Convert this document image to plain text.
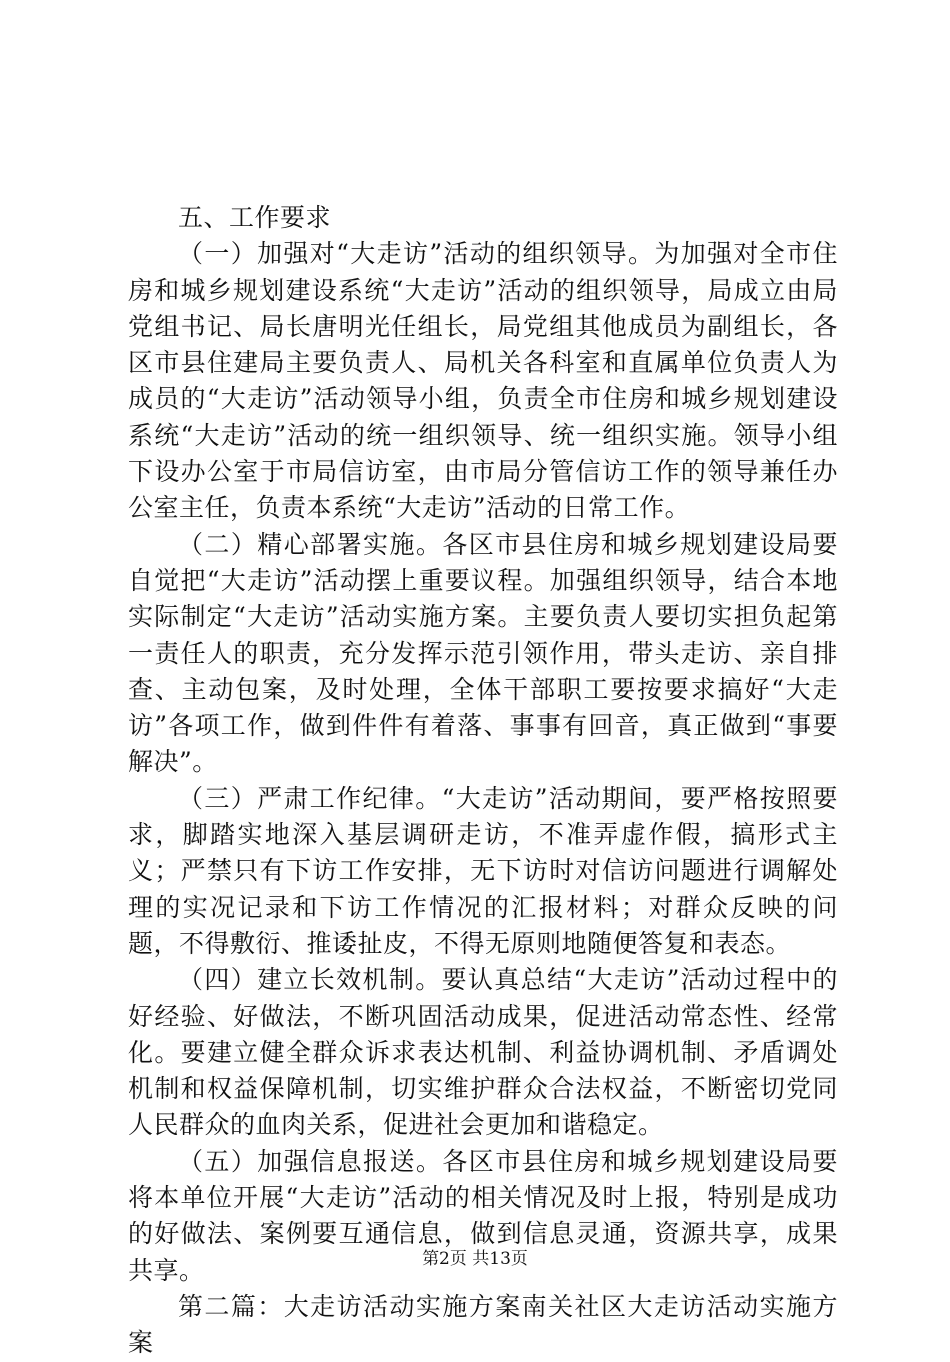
五、工作要求

（一）加强对“大走访”活动的组织领导。为加强对全市住房和城乡规划建设系统“大走访”活动的组织领导，局成立由局党组书记、局长唐明光任组长，局党组其他成员为副组长，各区市县住建局主要负责人、局机关各科室和直属单位负责人为成员的“大走访”活动领导小组，负责全市住房和城乡规划建设系统“大走访”活动的统一组织领导、统一组织实施。领导小组下设办公室于市局信访室，由市局分管信访工作的领导兼任办公室主任，负责本系统“大走访”活动的日常工作。

（二）精心部署实施。各区市县住房和城乡规划建设局要自觉把“大走访”活动摆上重要议程。加强组织领导，结合本地实际制定“大走访”活动实施方案。主要负责人要切实担负起第一责任人的职责，充分发挥示范引领作用，带头走访、亲自排查、主动包案，及时处理，全体干部职工要按要求搞好“大走访”各项工作，做到件件有着落、事事有回音，真正做到“事要解决”。

（三）严肃工作纪律。“大走访”活动期间，要严格按照要求，脚踏实地深入基层调研走访，不准弄虚作假，搞形式主义；严禁只有下访工作安排，无下访时对信访问题进行调解处理的实况记录和下访工作情况的汇报材料；对群众反映的问题，不得敷衍、推诿扯皮，不得无原则地随便答复和表态。

（四）建立长效机制。要认真总结“大走访”活动过程中的好经验、好做法，不断巩固活动成果，促进活动常态性、经常化。要建立健全群众诉求表达机制、利益协调机制、矛盾调处机制和权益保障机制，切实维护群众合法权益，不断密切党同人民群众的血肉关系，促进社会更加和谐稳定。

（五）加强信息报送。各区市县住房和城乡规划建设局要将本单位开展“大走访”活动的相关情况及时上报，特别是成功的好做法、案例要互通信息，做到信息灵通，资源共享，成果共享。

第二篇：大走访活动实施方案南关社区大走访活动实施方案

第2页 共13页
